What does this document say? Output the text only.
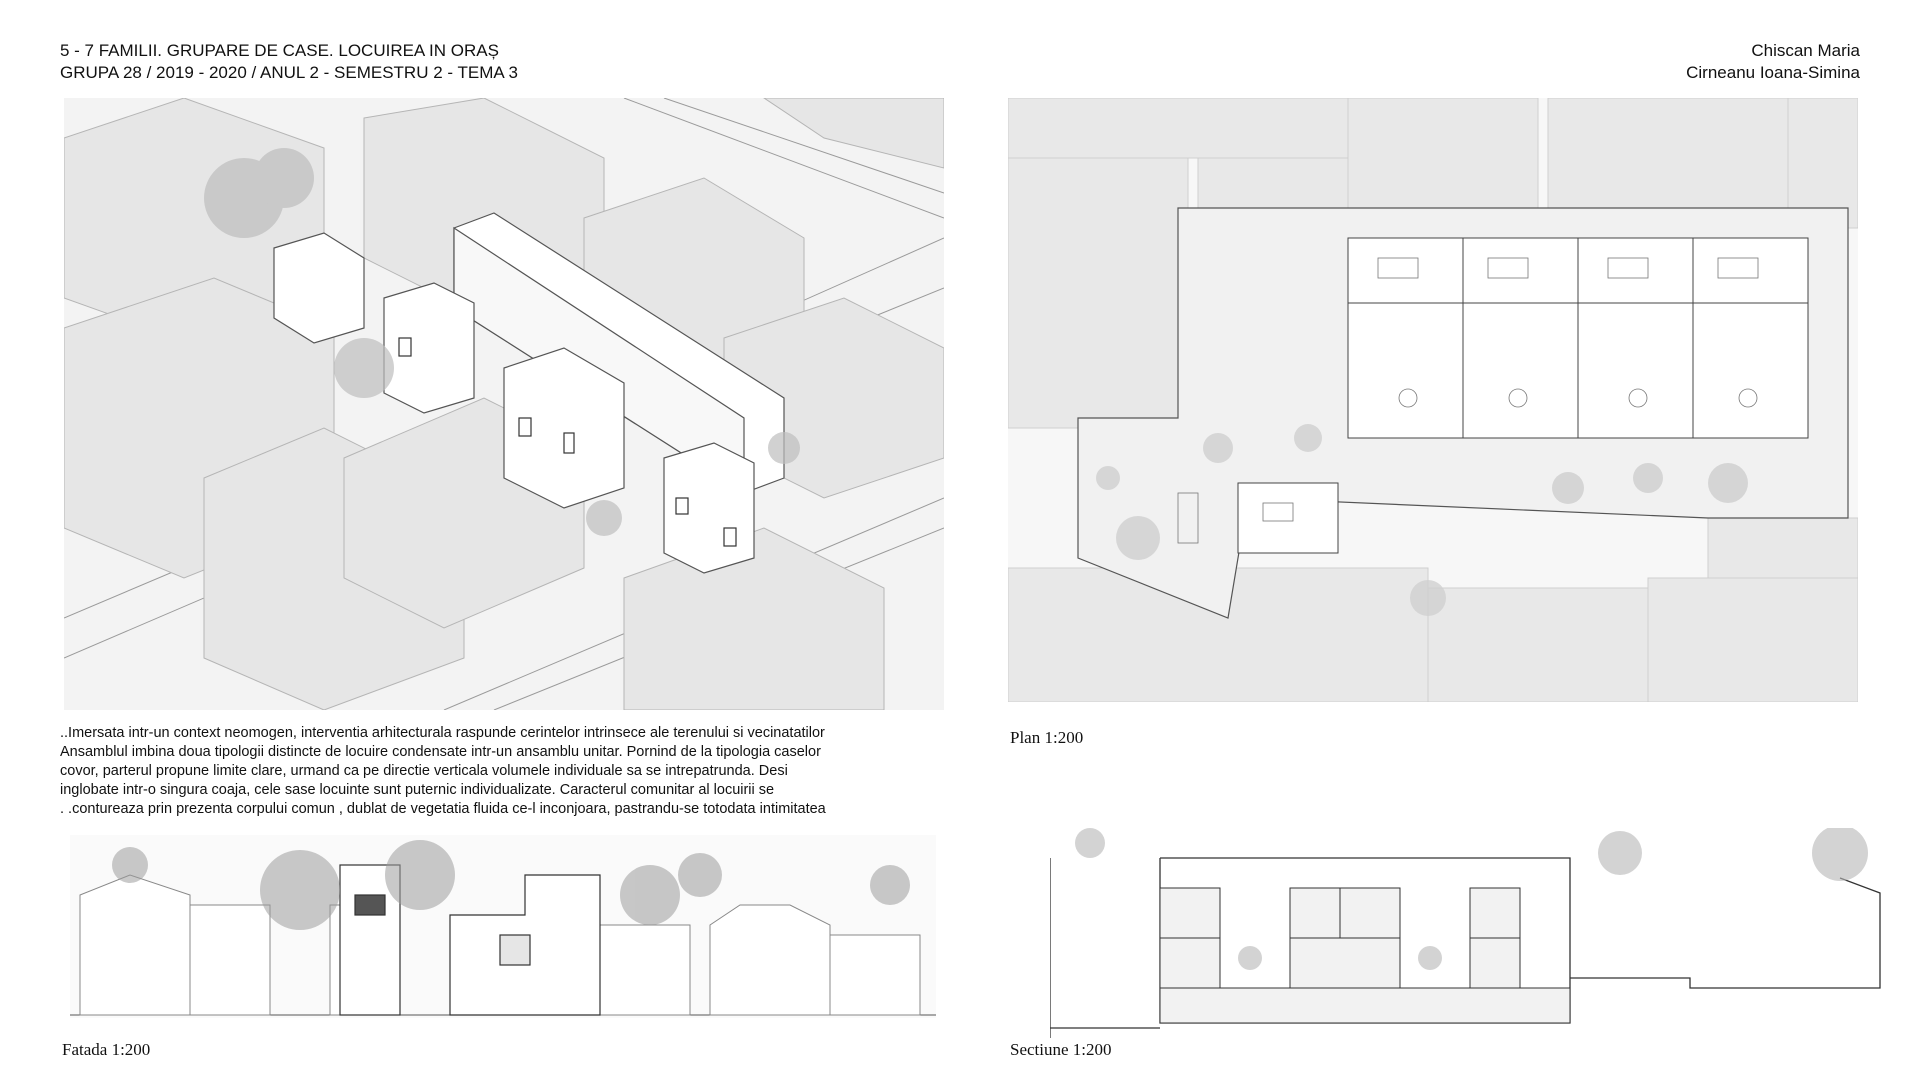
5 - 7 FAMILII. GRUPARE DE CASE. LOCUIREA IN ORAȘ
GRUPA 28 / 2019 - 2020 / ANUL 2 - SEMESTRU 2 - TEMA 3
Chiscan Maria
Cirneanu Ioana-Simina
..Imersata intr-un context neomogen, interventia arhitecturala raspunde cerintelor intrinsece ale terenului si vecinatatilor
Ansamblul imbina doua tipologii distincte de locuire condensate intr-un ansamblu unitar. Pornind de la tipologia caselor
covor, parterul propune limite clare, urmand ca pe directie verticala volumele individuale sa se intrepatrunda. Desi
inglobate intr-o singura coaja, cele sase locuinte sunt puternic individualizate. Caracterul comunitar al locuirii se
. .contureaza prin prezenta corpului comun , dublat de vegetatia fluida ce-l inconjoara, pastrandu-se totodata intimitatea
Plan 1:200
Fatada 1:200	Sectiune 1:200
